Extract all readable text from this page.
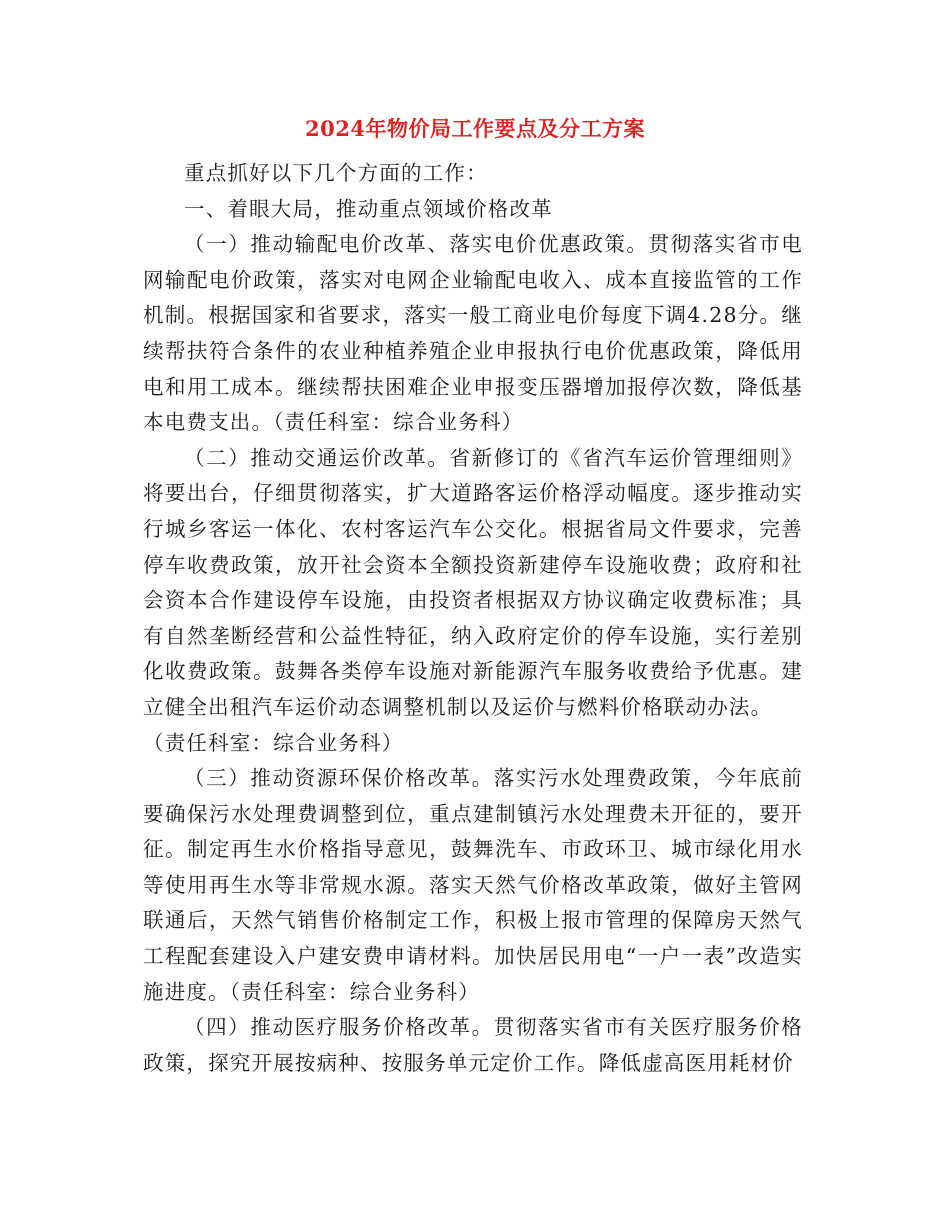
2024年物价局工作要点及分工方案

重点抓好以下几个方面的工作：

一、着眼大局，推动重点领域价格改革

（一）推动输配电价改革、落实电价优惠政策。贯彻落实省市电网输配电价政策，落实对电网企业输配电收入、成本直接监管的工作机制。根据国家和省要求，落实一般工商业电价每度下调4.28分。继续帮扶符合条件的农业种植养殖企业申报执行电价优惠政策，降低用电和用工成本。继续帮扶困难企业申报变压器增加报停次数，降低基本电费支出。（责任科室：综合业务科）

（二）推动交通运价改革。省新修订的《省汽车运价管理细则》将要出台，仔细贯彻落实，扩大道路客运价格浮动幅度。逐步推动实行城乡客运一体化、农村客运汽车公交化。根据省局文件要求，完善停车收费政策，放开社会资本全额投资新建停车设施收费；政府和社会资本合作建设停车设施，由投资者根据双方协议确定收费标准；具有自然垄断经营和公益性特征，纳入政府定价的停车设施，实行差别化收费政策。鼓舞各类停车设施对新能源汽车服务收费给予优惠。建立健全出租汽车运价动态调整机制以及运价与燃料价格联动办法。

（责任科室：综合业务科）

（三）推动资源环保价格改革。落实污水处理费政策，今年底前要确保污水处理费调整到位，重点建制镇污水处理费未开征的，要开征。制定再生水价格指导意见，鼓舞洗车、市政环卫、城市绿化用水等使用再生水等非常规水源。落实天然气价格改革政策，做好主管网联通后，天然气销售价格制定工作，积极上报市管理的保障房天然气工程配套建设入户建安费申请材料。加快居民用电“一户一表”改造实施进度。（责任科室：综合业务科）

（四）推动医疗服务价格改革。贯彻落实省市有关医疗服务价格政策，探究开展按病种、按服务单元定价工作。降低虚高医用耗材价
